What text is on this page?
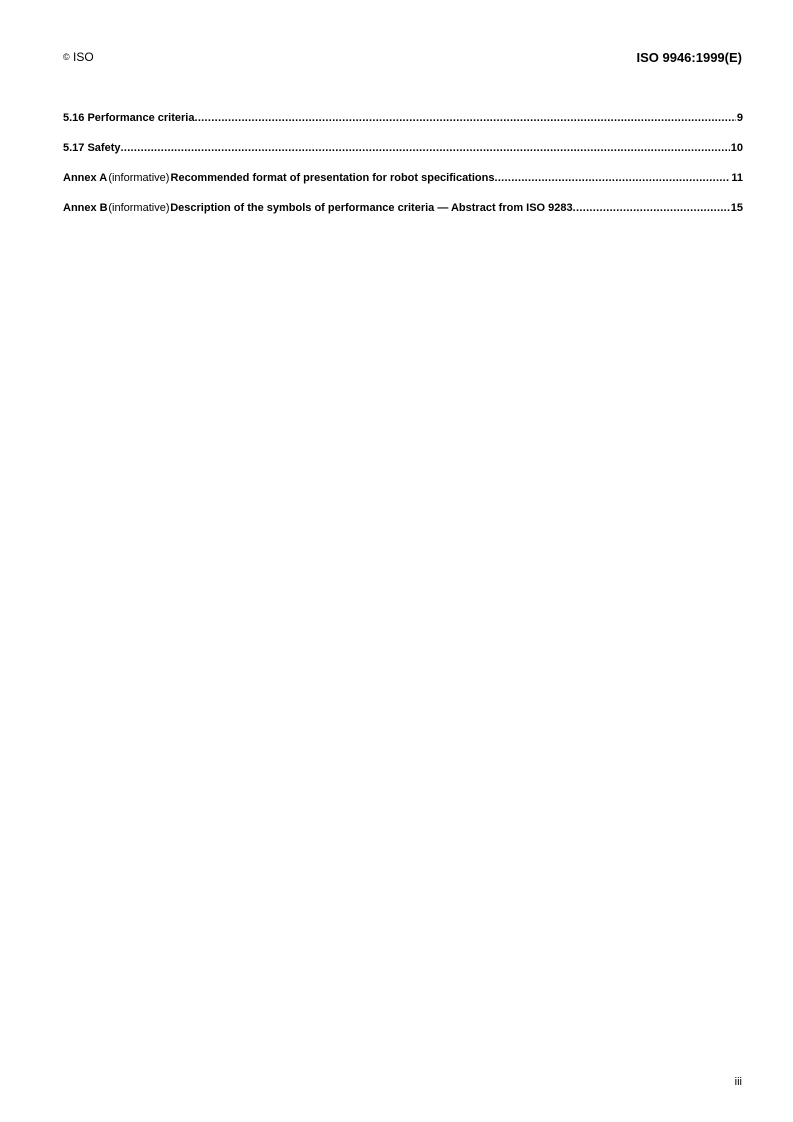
© ISO	ISO 9946:1999(E)
5.16 Performance criteria .....	9
5.17 Safety .....	10
Annex A (informative) Recommended format of presentation for robot specifications .....	11
Annex B (informative) Description of the symbols of performance criteria — Abstract from ISO 9283 .....	15
iii
